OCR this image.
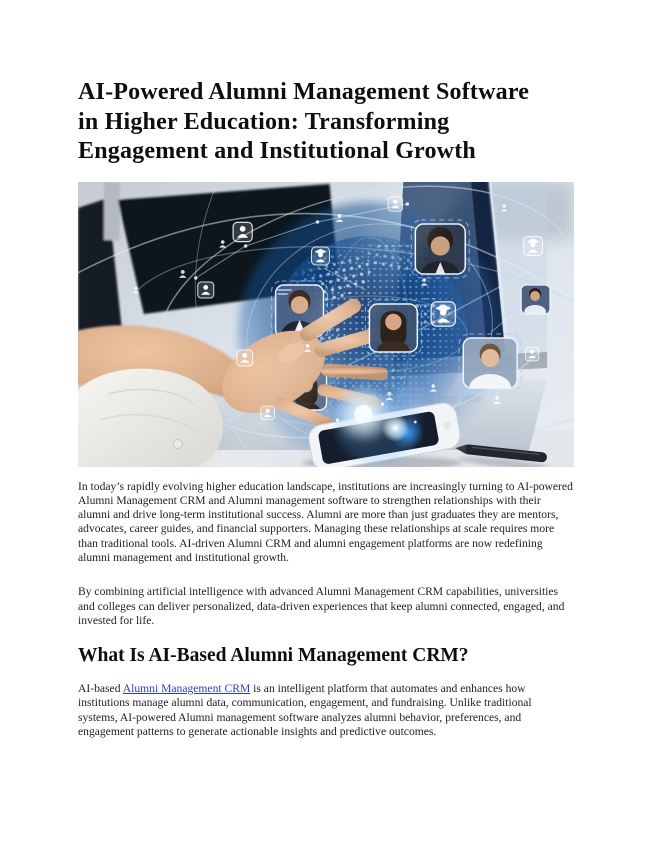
AI-Powered Alumni Management Software
in Higher Education: Transforming
Engagement and Institutional Growth

In today’s rapidly evolving higher education landscape, institutions are increasingly turning to AI-powered Alumni Management CRM and Alumni management software to strengthen relationships with their alumni and drive long-term institutional success. Alumni are more than just graduates they are mentors, advocates, career guides, and financial supporters. Managing these relationships at scale requires more than traditional tools. AI-driven Alumni CRM and alumni engagement platforms are now redefining alumni management and institutional growth.

By combining artificial intelligence with advanced Alumni Management CRM capabilities, universities and colleges can deliver personalized, data-driven experiences that keep alumni connected, engaged, and invested for life.

What Is AI-Based Alumni Management CRM?

AI-based Alumni Management CRM is an intelligent platform that automates and enhances how institutions manage alumni data, communication, engagement, and fundraising. Unlike traditional systems, AI-powered Alumni management software analyzes alumni behavior, preferences, and engagement patterns to generate actionable insights and predictive outcomes.
